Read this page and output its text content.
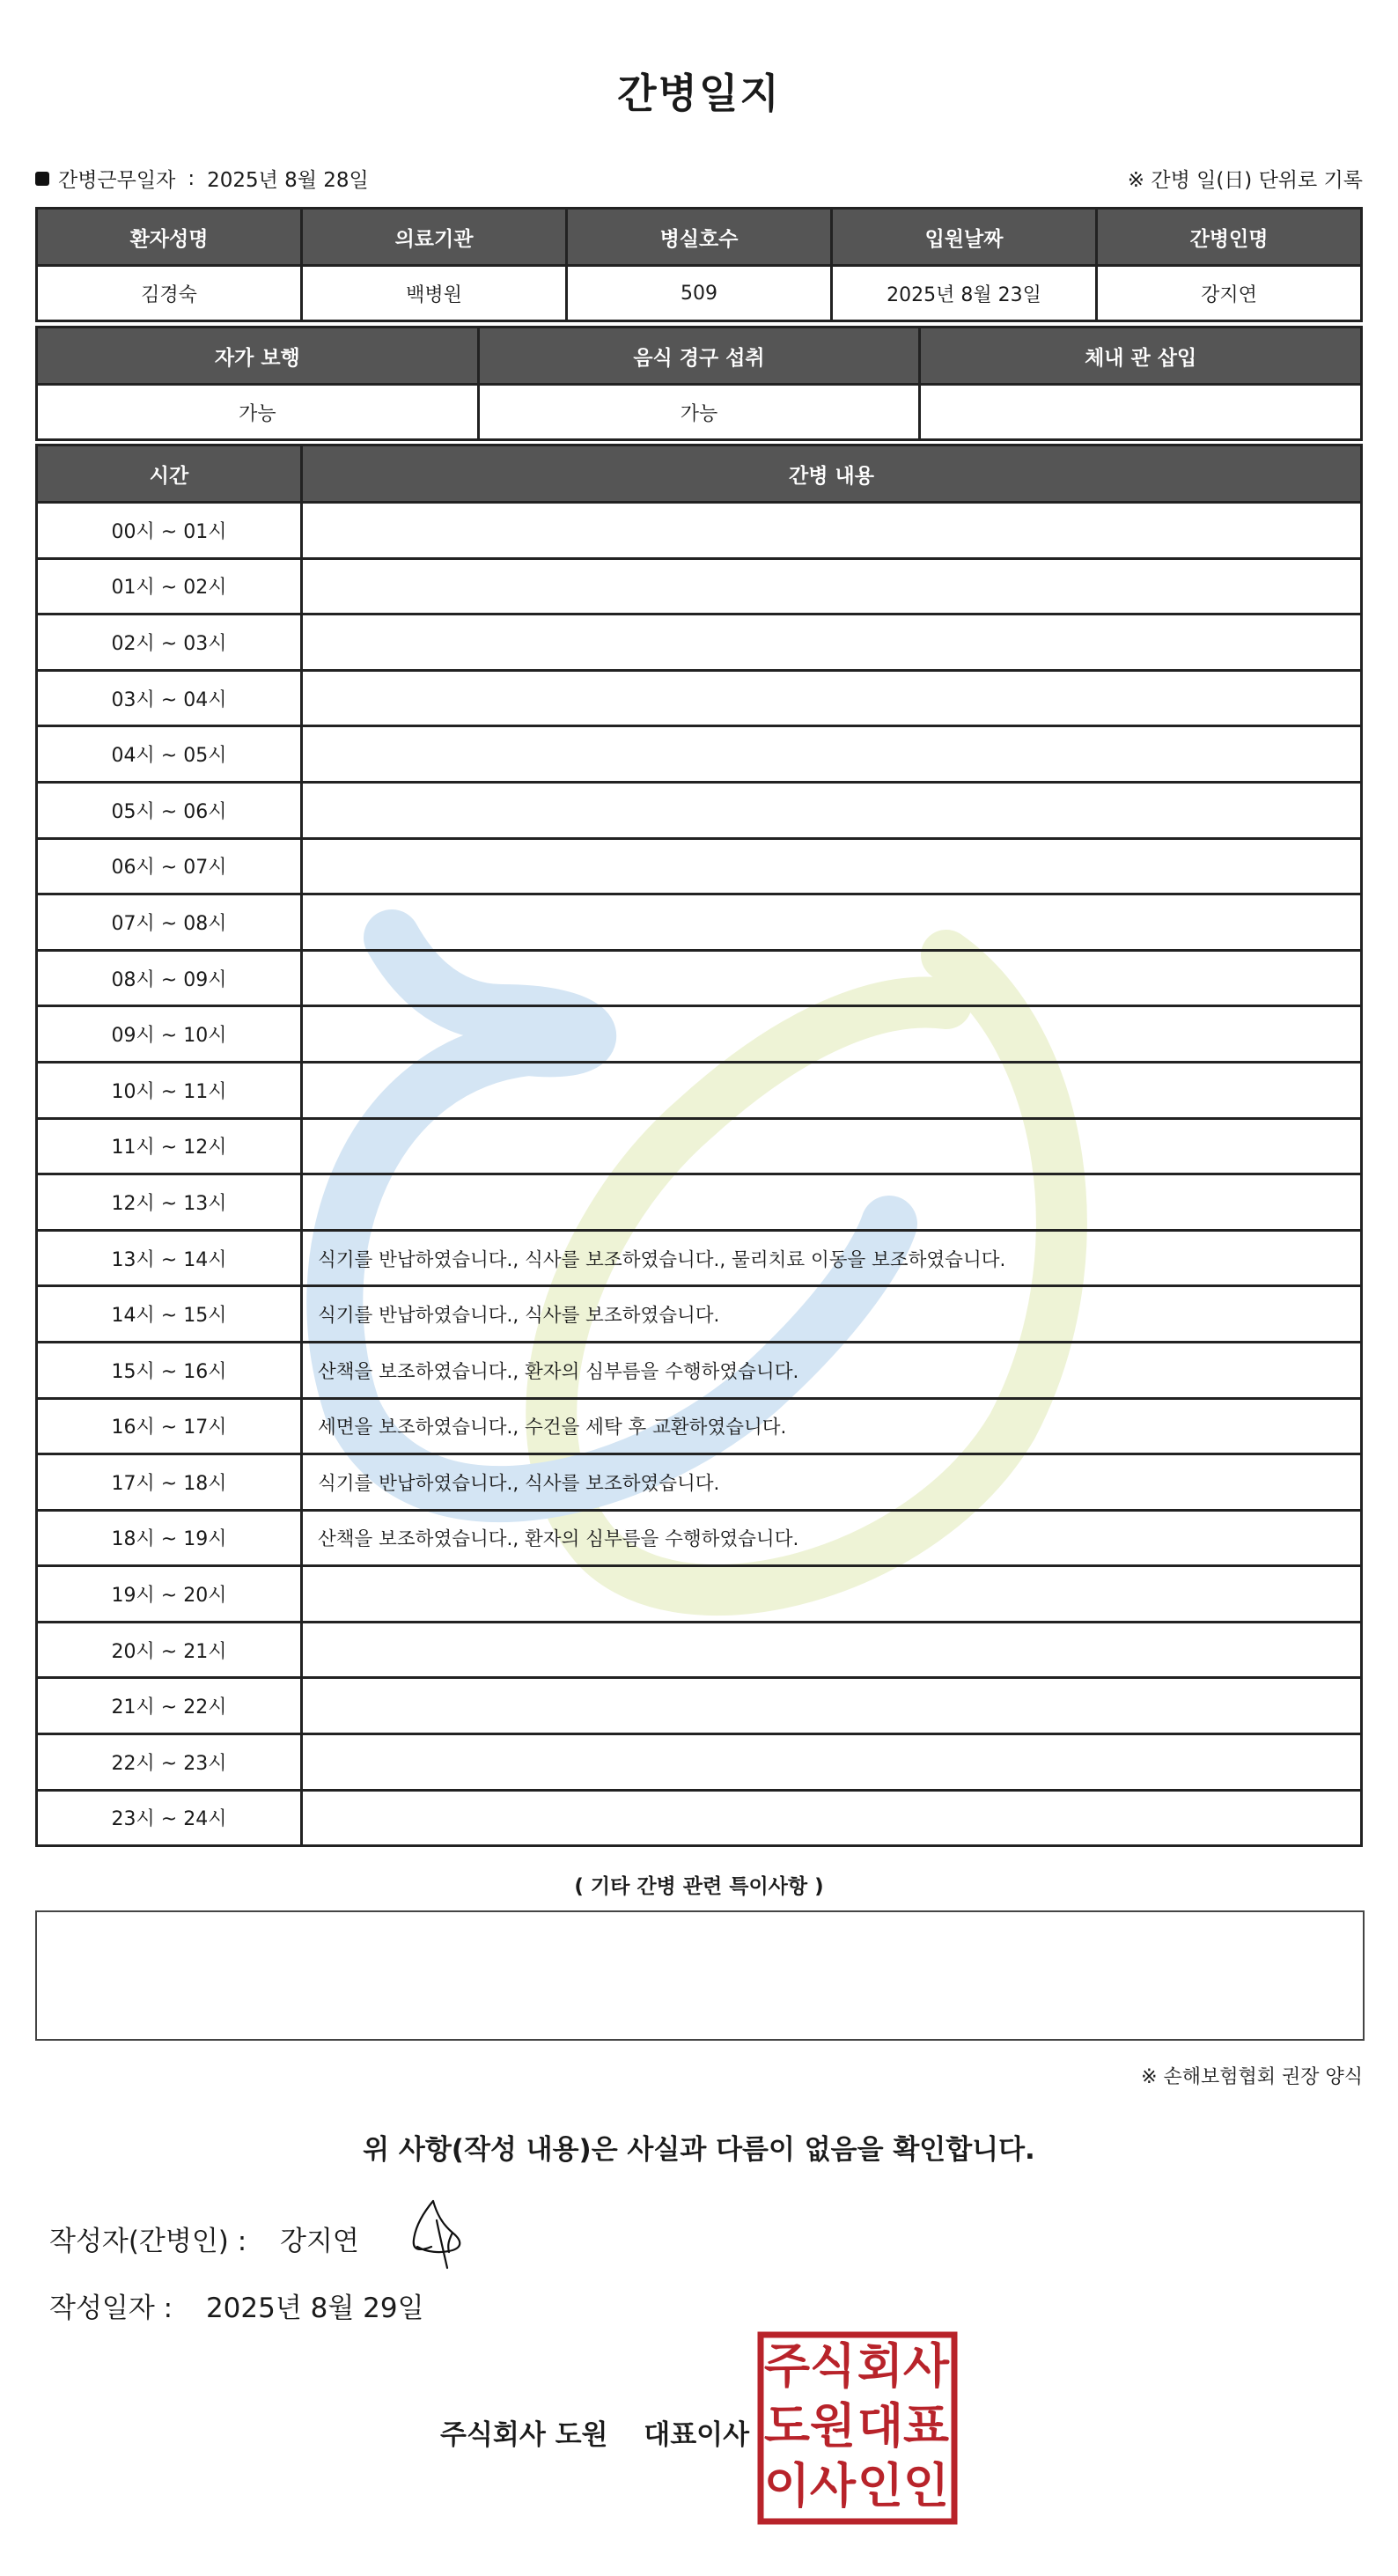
간병일지
간병근무일자 : 2025년 8월 28일	※ 간병 일(日) 단위로 기록
환자성명	의료기관	병실호수	입원날짜	간병인명
김경숙	백병원	509	2025년 8월 23일	강지연
자가 보행	음식 경구 섭취	체내 관 삽입
가능	가능	
시간	간병 내용
00시 ~ 01시	
01시 ~ 02시	
02시 ~ 03시	
03시 ~ 04시	
04시 ~ 05시	
05시 ~ 06시	
06시 ~ 07시	
07시 ~ 08시	
08시 ~ 09시	
09시 ~ 10시	
10시 ~ 11시	
11시 ~ 12시	
12시 ~ 13시	
13시 ~ 14시	식기를 반납하였습니다., 식사를 보조하였습니다., 물리치료 이동을 보조하였습니다.
14시 ~ 15시	식기를 반납하였습니다., 식사를 보조하였습니다.
15시 ~ 16시	산책을 보조하였습니다., 환자의 심부름을 수행하였습니다.
16시 ~ 17시	세면을 보조하였습니다., 수건을 세탁 후 교환하였습니다.
17시 ~ 18시	식기를 반납하였습니다., 식사를 보조하였습니다.
18시 ~ 19시	산책을 보조하였습니다., 환자의 심부름을 수행하였습니다.
19시 ~ 20시	
20시 ~ 21시	
21시 ~ 22시	
22시 ~ 23시	
23시 ~ 24시	
( 기타 간병 관련 특이사항 )
※ 손해보험협회 권장 양식
위 사항(작성 내용)은 사실과 다름이 없음을 확인합니다.
작성자(간병인) : 강지연
작성일자 : 2025년 8월 29일
주식회사 도원 대표이사
주 식 회 사
도 원 대 표
이 사 인 인
